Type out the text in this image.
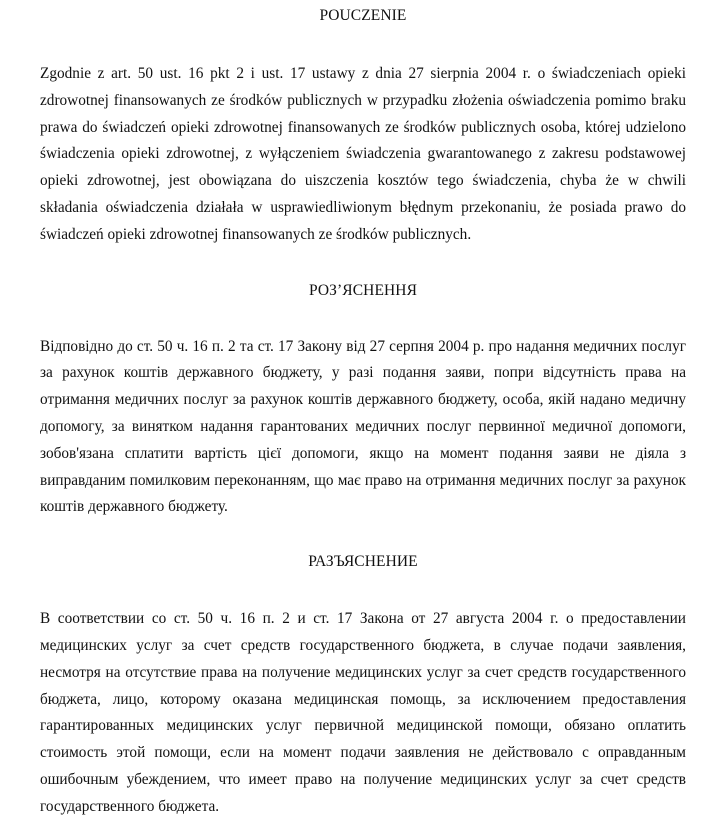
POUCZENIE

Zgodnie z art. 50 ust. 16 pkt 2 i ust. 17 ustawy z dnia 27 sierpnia 2004 r. o świadczeniach opieki zdrowotnej finansowanych ze środków publicznych w przypadku złożenia oświadczenia pomimo braku prawa do świadczeń opieki zdrowotnej finansowanych ze środków publicznych osoba, której udzielono świadczenia opieki zdrowotnej, z wyłączeniem świadczenia gwarantowanego z zakresu podstawowej opieki zdrowotnej, jest obowiązana do uiszczenia kosztów tego świadczenia, chyba że w chwili składania oświadczenia działała w usprawiedliwionym błędnym przekonaniu, że posiada prawo do świadczeń opieki zdrowotnej finansowanych ze środków publicznych.

РОЗ’ЯСНЕННЯ

Відповідно до ст. 50 ч. 16 п. 2 та ст. 17 Закону від 27 серпня 2004 р. про надання медичних послуг за рахунок коштів державного бюджету, у разі подання заяви, попри відсутність права на отримання медичних послуг за рахунок коштів державного бюджету, особа, якій надано медичну допомогу, за винятком надання гарантованих медичних послуг первинної медичної допомоги, зобов'язана сплатити вартість цієї допомоги, якщо на момент подання заяви не діяла з виправданим помилковим переконанням, що має право на отримання медичних послуг за рахунок коштів державного бюджету.

РАЗЪЯСНЕНИЕ

В соответствии со ст. 50 ч. 16 п. 2 и ст. 17 Закона от 27 августа 2004 г. о предоставлении медицинских услуг за счет средств государственного бюджета, в случае подачи заявления, несмотря на отсутствие права на получение медицинских услуг за счет средств государственного бюджета, лицо, которому оказана медицинская помощь, за исключением предоставления гарантированных медицинских услуг первичной медицинской помощи, обязано оплатить стоимость этой помощи, если на момент подачи заявления не действовало с оправданным ошибочным убеждением, что имеет право на получение медицинских услуг за счет средств государственного бюджета.
